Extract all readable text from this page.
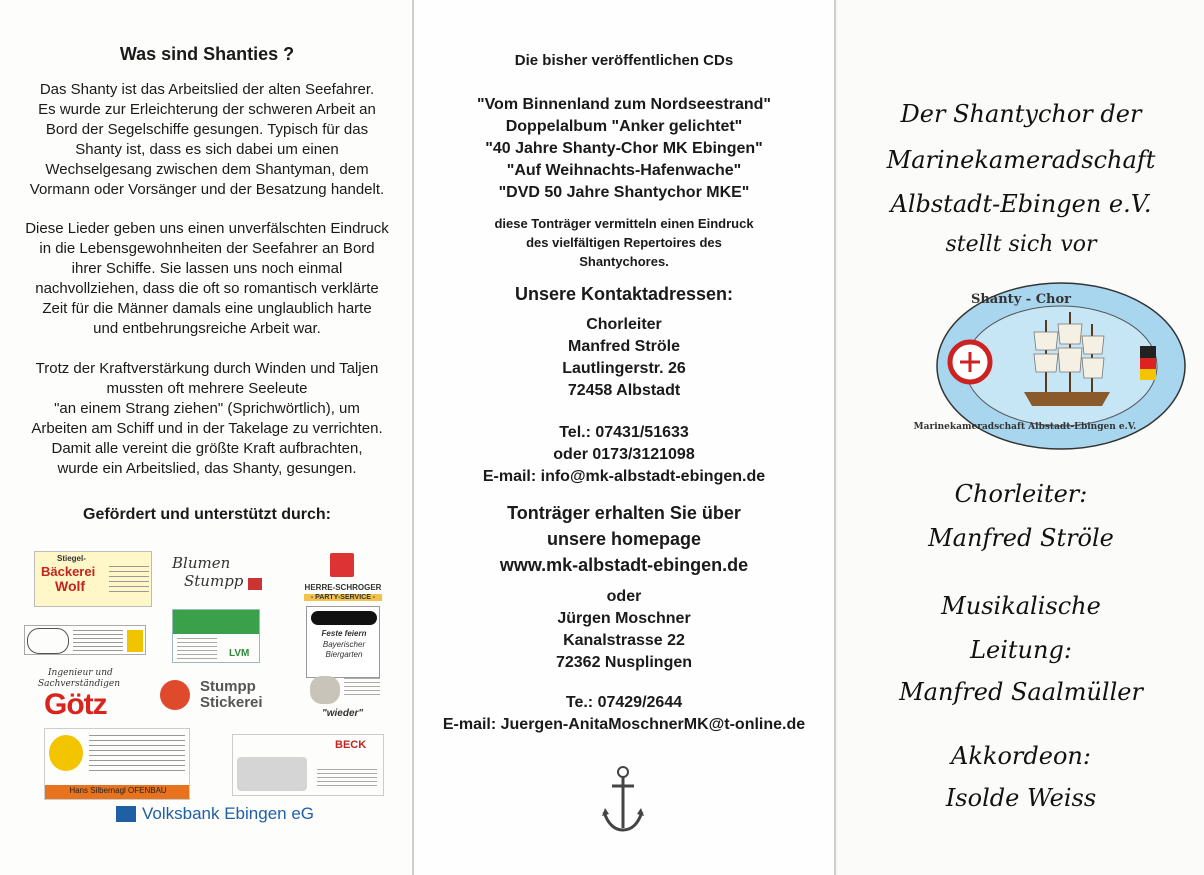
Was sind Shanties ?
Das Shanty ist das Arbeitslied der alten Seefahrer.
Es wurde zur Erleichterung der schweren Arbeit an
Bord der Segelschiffe gesungen. Typisch für das
Shanty ist, dass es sich dabei um einen
Wechselgesang zwischen dem Shantyman, dem
Vormann oder Vorsänger und der Besatzung handelt.
Diese Lieder geben uns einen unverfälschten Eindruck
in die Lebensgewohnheiten der Seefahrer an Bord
ihrer Schiffe. Sie lassen uns noch einmal
nachvollziehen, dass die oft so romantisch verklärte
Zeit für die Männer damals eine unglaublich harte
und entbehrungsreiche Arbeit war.
Trotz der Kraftverstärkung durch Winden und Taljen
mussten oft mehrere Seeleute
"an einem Strang ziehen" (Sprichwörtlich), um
Arbeiten am Schiff und in der Takelage zu verrichten.
Damit alle vereint die größte Kraft aufbrachten,
wurde ein Arbeitslied, das Shanty, gesungen.
Gefördert und unterstützt durch:
Stiegel-
Bäckerei
Wolf
Blumen
Stumpp	HERRE-SCHROGER
- PARTY-SERVICE -
LVM
Feste feiern
Bayerischer
Biergarten
Ingenieur und
Sachverständigen
Götz
Stumpp
Stickerei
"wieder"
Hans Silbernagl OFENBAU
BECK
Volksbank Ebingen eG
Die bisher veröffentlichen CDs
"Vom Binnenland zum Nordseestrand"
Doppelalbum "Anker gelichtet"
"40 Jahre Shanty-Chor MK Ebingen"
"Auf Weihnachts-Hafenwache"
"DVD 50 Jahre Shantychor MKE"
diese Tonträger vermitteln einen Eindruck
des vielfältigen Repertoires des
Shantychores.
Unsere Kontaktadressen:
Chorleiter
Manfred Ströle
Lautlingerstr. 26
72458 Albstadt
Tel.: 07431/51633
oder 0173/3121098
E-mail: info@mk-albstadt-ebingen.de
Tonträger erhalten Sie über
unsere homepage
www.mk-albstadt-ebingen.de
oder
Jürgen Moschner
Kanalstrasse 22
72362 Nusplingen
Te.: 07429/2644
E-mail: Juergen-AnitaMoschnerMK@t-online.de
Der Shantychor der
Marinekameradschaft
Albstadt-Ebingen e.V.
stellt sich vor
Shanty - Chor
Marinekameradschaft Albstadt-Ebingen e.V.
Chorleiter:
Manfred Ströle
Musikalische
Leitung:
Manfred Saalmüller
Akkordeon:
Isolde Weiss
